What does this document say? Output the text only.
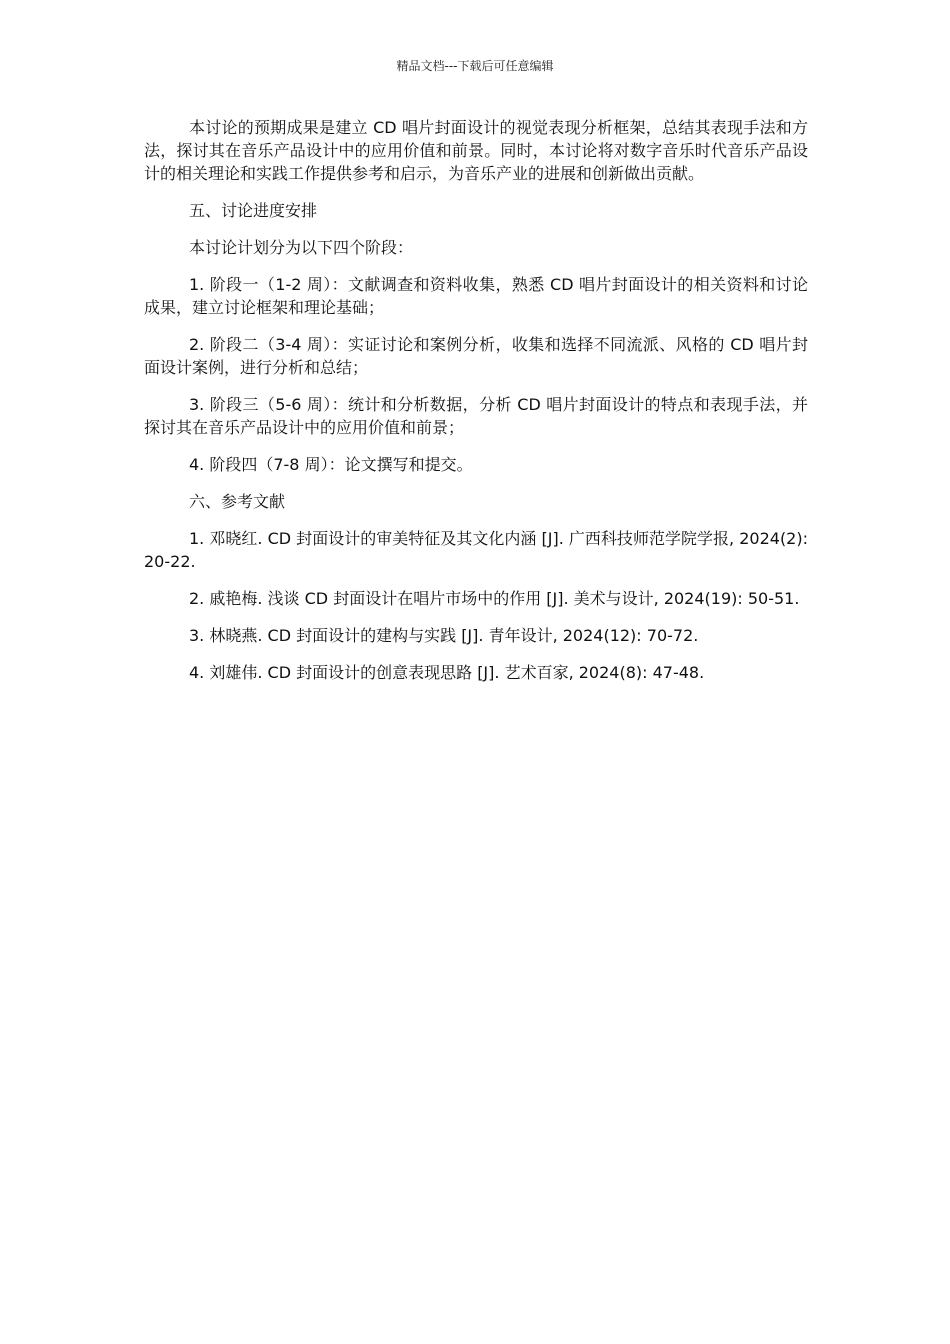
精品文档---下载后可任意编辑

本讨论的预期成果是建立 CD 唱片封面设计的视觉表现分析框架，总结其表现手法和方法，探讨其在音乐产品设计中的应用价值和前景。同时，本讨论将对数字音乐时代音乐产品设计的相关理论和实践工作提供参考和启示，为音乐产业的进展和创新做出贡献。

五、讨论进度安排

本讨论计划分为以下四个阶段：

1. 阶段一（1-2 周）：文献调查和资料收集，熟悉 CD 唱片封面设计的相关资料和讨论成果，建立讨论框架和理论基础；

2. 阶段二（3-4 周）：实证讨论和案例分析，收集和选择不同流派、风格的 CD 唱片封面设计案例，进行分析和总结；

3. 阶段三（5-6 周）：统计和分析数据，分析 CD 唱片封面设计的特点和表现手法，并探讨其在音乐产品设计中的应用价值和前景；

4. 阶段四（7-8 周）：论文撰写和提交。

六、参考文献

1. 邓晓红. CD 封面设计的审美特征及其文化内涵 [J]. 广西科技师范学院学报, 2024(2): 20-22.

2. 戚艳梅. 浅谈 CD 封面设计在唱片市场中的作用 [J]. 美术与设计, 2024(19): 50-51.

3. 林晓燕. CD 封面设计的建构与实践 [J]. 青年设计, 2024(12): 70-72.

4. 刘雄伟. CD 封面设计的创意表现思路 [J]. 艺术百家, 2024(8): 47-48.
